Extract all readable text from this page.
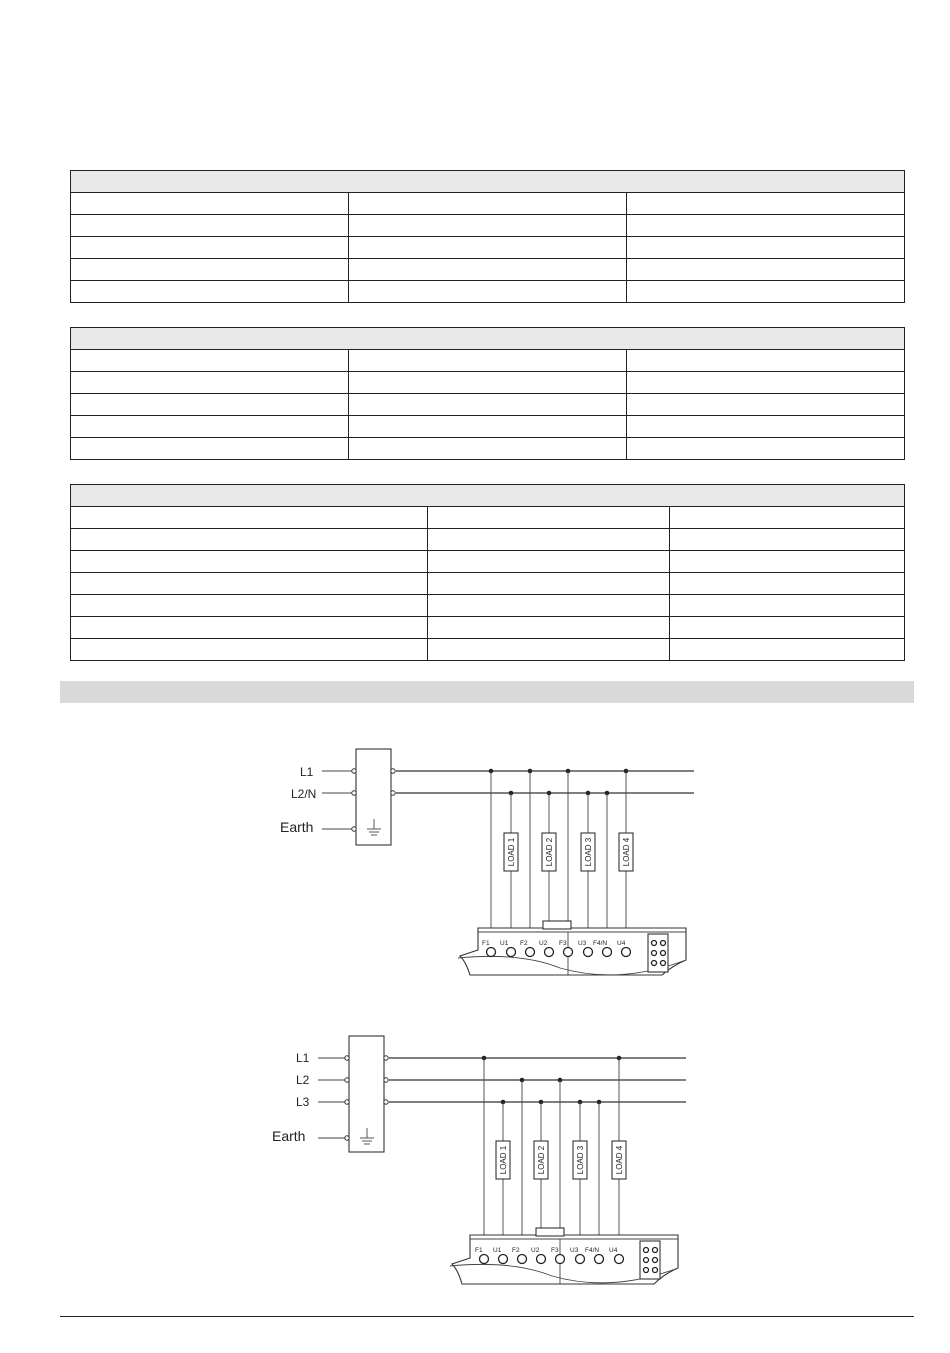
L1
L2/N
Earth
LOAD 1	LOAD 2	LOAD 3	LOAD 4
F1 U1 F2 U2 F3 U3 F4/N U4
L1
L2
L3
Earth
LOAD 1	LOAD 2	LOAD 3	LOAD 4
F1 U1 F2 U2 F3 U3 F4/N U4
